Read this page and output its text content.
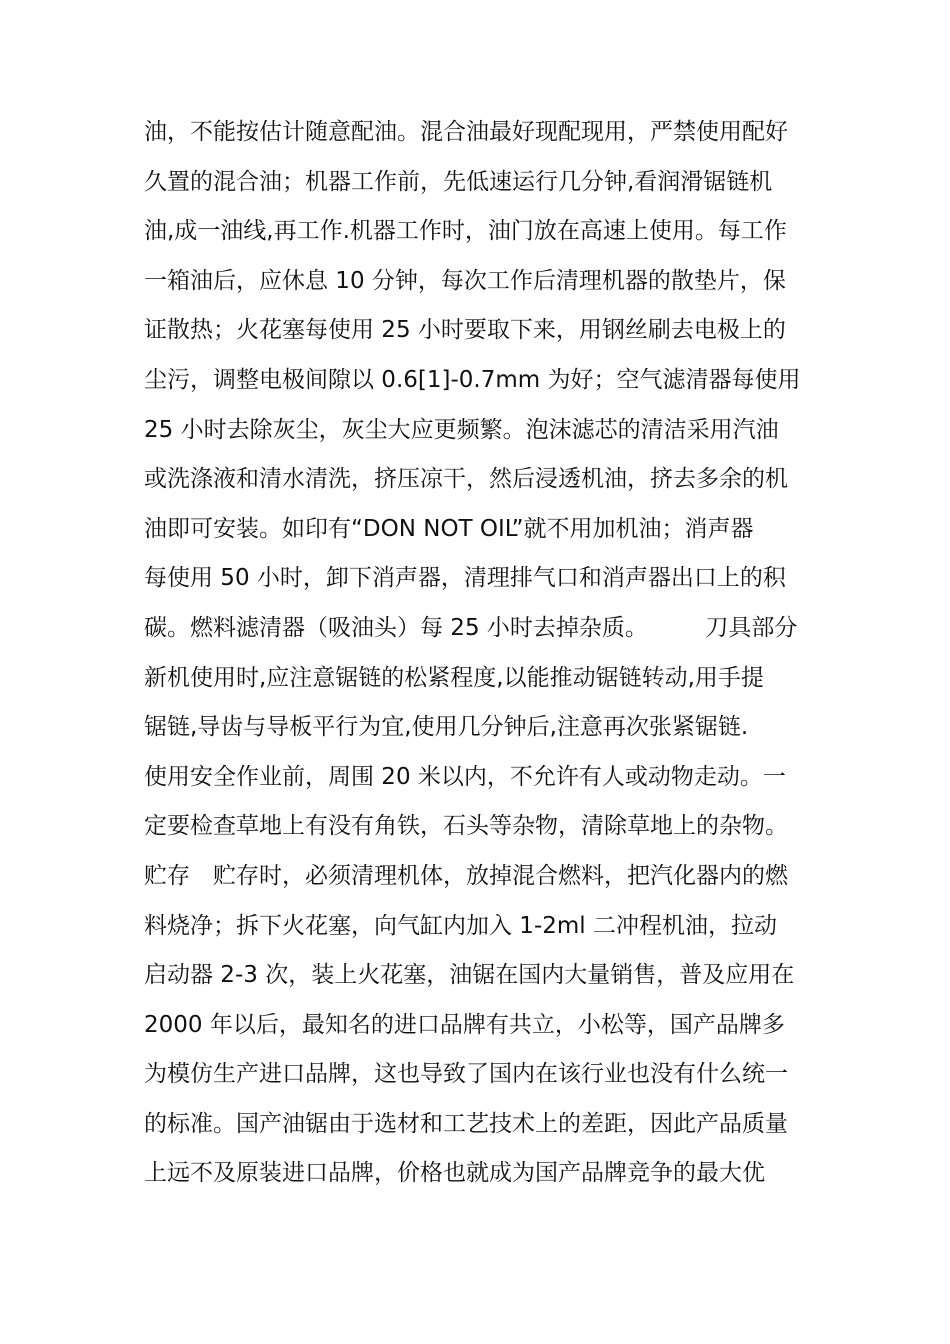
油，不能按估计随意配油。混合油最好现配现用，严禁使用配好
久置的混合油；机器工作前，先低速运行几分钟,看润滑锯链机
油,成一油线,再工作.机器工作时，油门放在高速上使用。每工作
一箱油后，应休息 10 分钟，每次工作后清理机器的散垫片，保
证散热；火花塞每使用 25 小时要取下来，用钢丝刷去电极上的
尘污，调整电极间隙以 0.6[1]-0.7mm 为好；空气滤清器每使用
25 小时去除灰尘，灰尘大应更频繁。泡沫滤芯的清洁采用汽油
或洗涤液和清水清洗，挤压凉干，然后浸透机油，挤去多余的机
油即可安装。如印有“DON NOT OIL”就不用加机油；消声器
每使用 50 小时，卸下消声器，清理排气口和消声器出口上的积
碳。燃料滤清器（吸油头）每 25 小时去掉杂质。　　　刀具部分
新机使用时,应注意锯链的松紧程度,以能推动锯链转动,用手提
锯链,导齿与导板平行为宜,使用几分钟后,注意再次张紧锯链.
使用安全作业前，周围 20 米以内，不允许有人或动物走动。一
定要检查草地上有没有角铁，石头等杂物，清除草地上的杂物。
贮存　贮存时，必须清理机体，放掉混合燃料，把汽化器内的燃
料烧净；拆下火花塞，向气缸内加入 1-2ml 二冲程机油，拉动
启动器 2-3 次，装上火花塞，油锯在国内大量销售，普及应用在
2000 年以后，最知名的进口品牌有共立，小松等，国产品牌多
为模仿生产进口品牌，这也导致了国内在该行业也没有什么统一
的标准。国产油锯由于选材和工艺技术上的差距，因此产品质量
上远不及原装进口品牌，价格也就成为国产品牌竞争的最大优
